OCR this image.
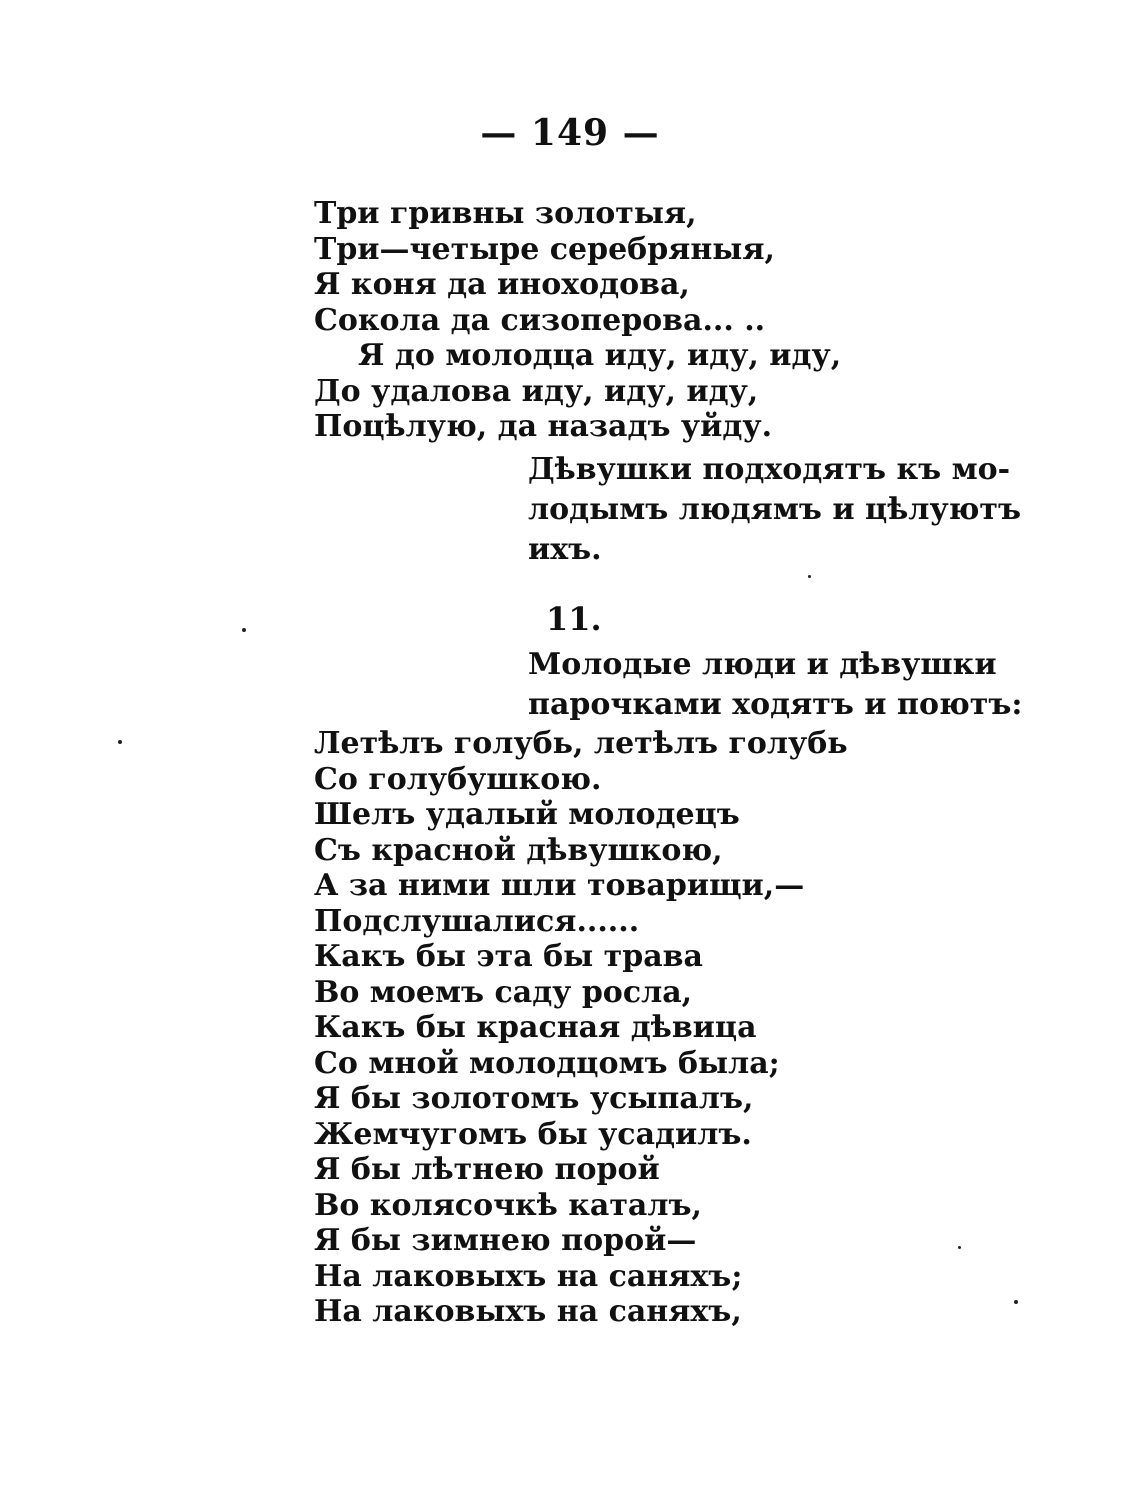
— 149 —
Три гривны золотыя,
Три—четыре серебряныя,
Я коня да иноходова,
Сокола да сизоперова... ..
Я до молодца иду, иду, иду,
До удалова иду, иду, иду,
Поцѣлую, да назадъ уйду.
Дѣвушки подходятъ къ мо-
лодымъ людямъ и цѣлуютъ
ихъ.
11.
Молодые люди и дѣвушки
парочками ходятъ и поютъ:
Летѣлъ голубь, летѣлъ голубь
Со голубушкою.
Шелъ удалый молодецъ
Съ красной дѣвушкою,
А за ними шли товарищи,—
Подслушалися......
Какъ бы эта бы трава
Во моемъ саду росла,
Какъ бы красная дѣвица
Со мной молодцомъ была;
Я бы золотомъ усыпалъ,
Жемчугомъ бы усадилъ.
Я бы лѣтнею порой
Во колясочкѣ каталъ,
Я бы зимнею порой—
На лаковыхъ на саняхъ;
На лаковыхъ на саняхъ,
